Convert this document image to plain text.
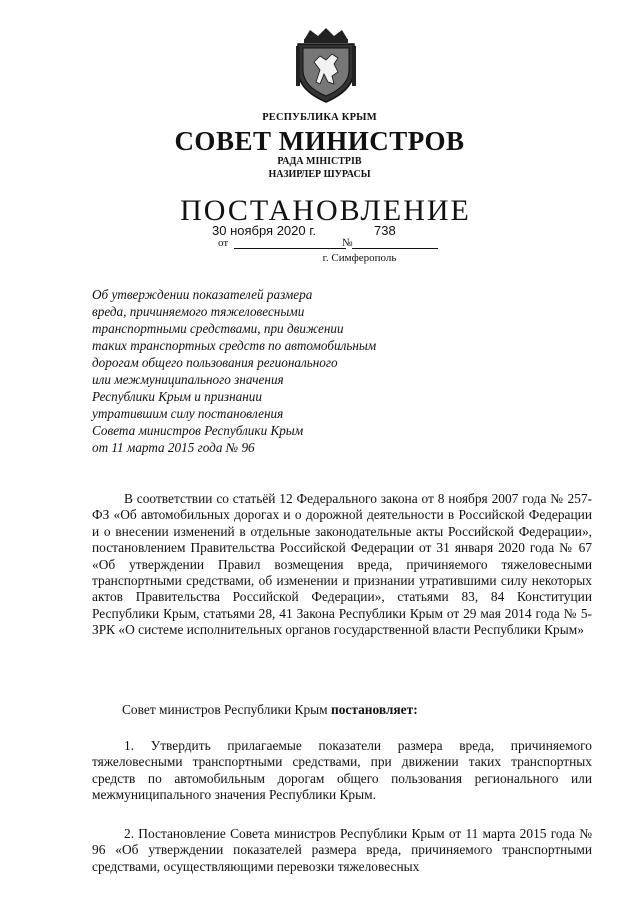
РЕСПУБЛИКА КРЫМ
СОВЕТ МИНИСТРОВ
РАДА МІНІСТРІВ
НАЗИРЛЕР ШУРАСЫ
ПОСТАНОВЛЕНИЕ
от
30 ноября 2020 г.
№
738
г. Симферополь
Об утверждении показателей размера
вреда, причиняемого тяжеловесными
транспортными средствами, при движении
таких транспортных средств по автомобильным
дорогам общего пользования регионального
или межмуниципального значения
Республики Крым и признании
утратившим силу постановления
Совета министров Республики Крым
от 11 марта 2015 года № 96

В соответствии со статьёй 12 Федерального закона от 8 ноября 2007 года № 257-ФЗ «Об автомобильных дорогах и о дорожной деятельности в Российской Федерации и о внесении изменений в отдельные законодательные акты Российской Федерации», постановлением Правительства Российской Федерации от 31 января 2020 года № 67 «Об утверждении Правил возмещения вреда, причиняемого тяжеловесными транспортными средствами, об изменении и признании утратившими силу некоторых актов Правительства Российской Федерации», статьями 83, 84 Конституции Республики Крым, статьями 28, 41 Закона Республики Крым от 29 мая 2014 года № 5-ЗРК «О системе исполнительных органов государственной власти Республики Крым»

Совет министров Республики Крым постановляет:

1. Утвердить прилагаемые показатели размера вреда, причиняемого тяжеловесными транспортными средствами, при движении таких транспортных средств по автомобильным дорогам общего пользования регионального или межмуниципального значения Республики Крым.

2. Постановление Совета министров Республики Крым от 11 марта 2015 года № 96 «Об утверждении показателей размера вреда, причиняемого транспортными средствами, осуществляющими перевозки тяжеловесных
